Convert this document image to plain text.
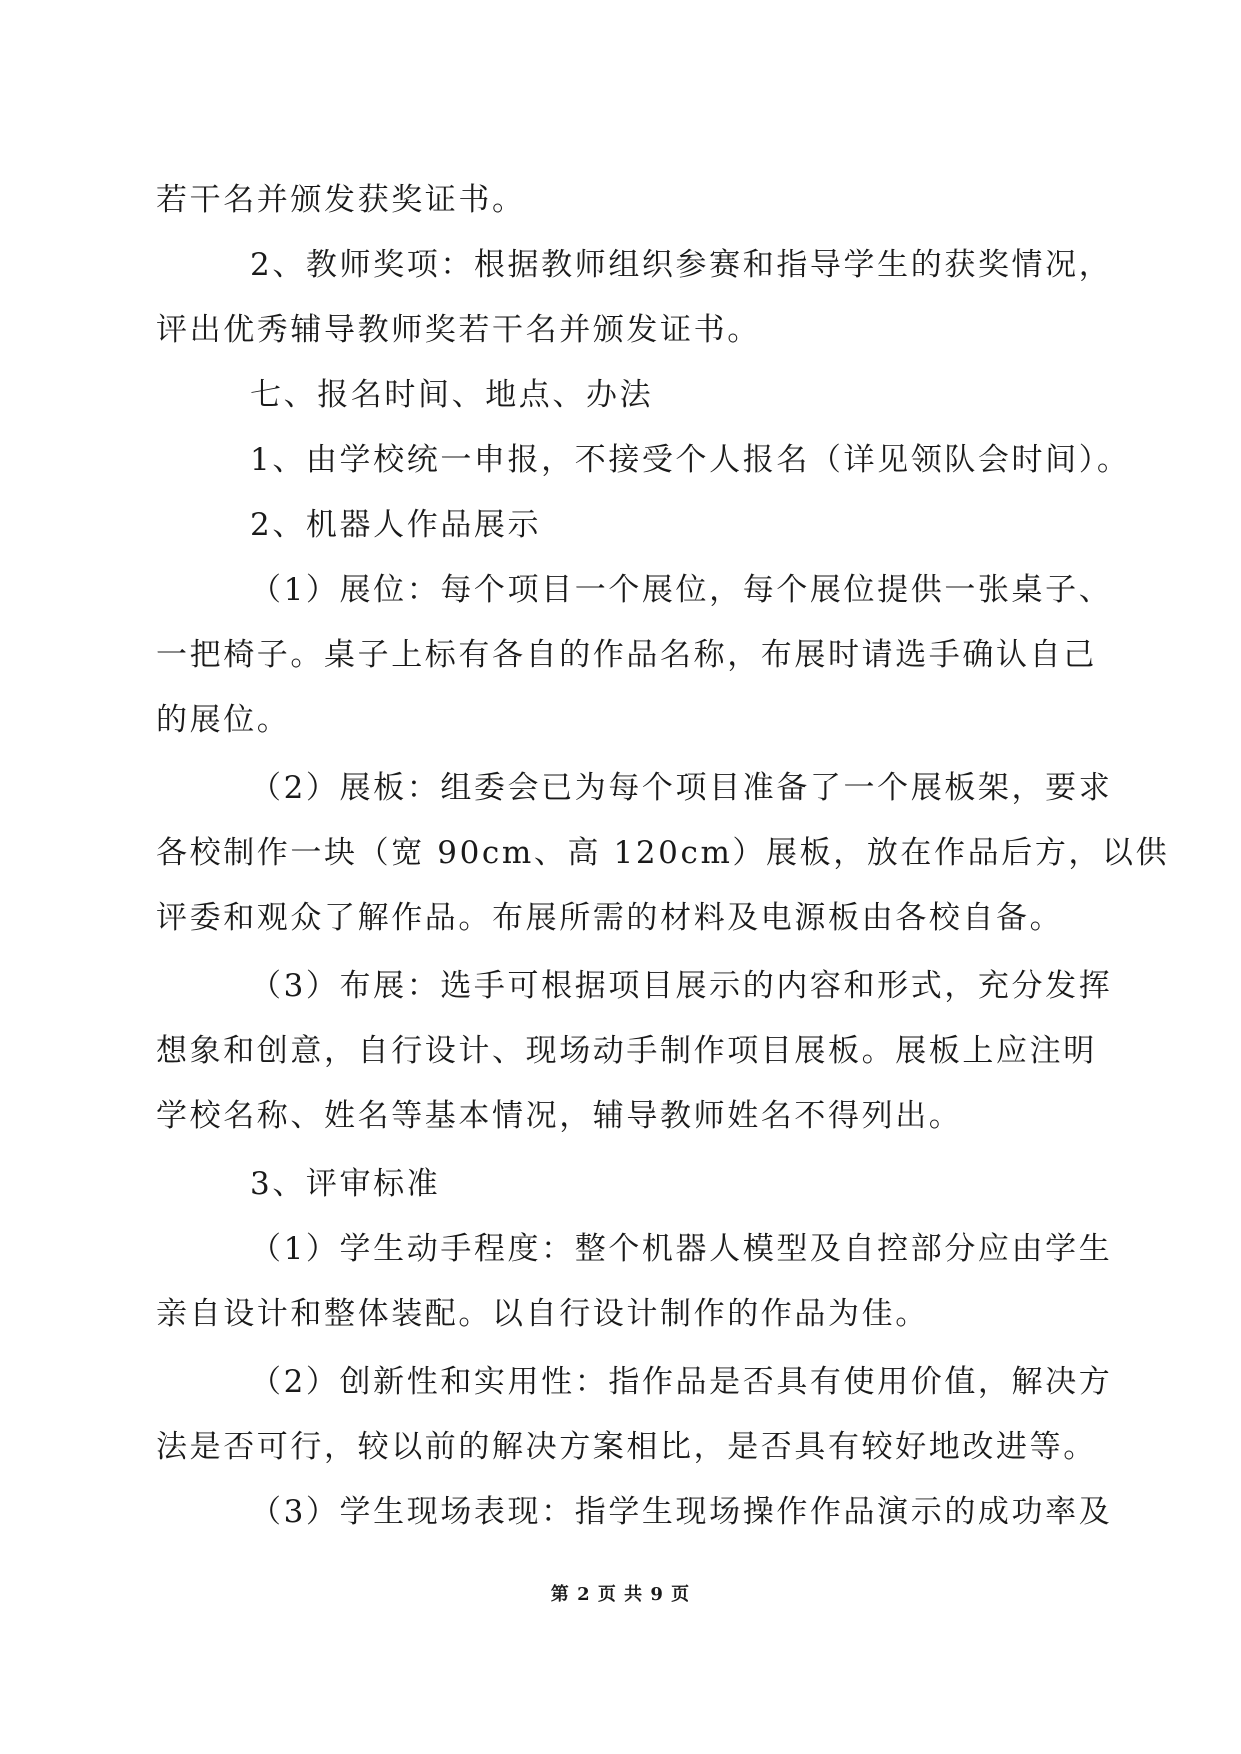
若干名并颁发获奖证书。
2、教师奖项：根据教师组织参赛和指导学生的获奖情况，
评出优秀辅导教师奖若干名并颁发证书。
七、报名时间、地点、办法
1、由学校统一申报，不接受个人报名（详见领队会时间）。
2、机器人作品展示
（1）展位：每个项目一个展位，每个展位提供一张桌子、
一把椅子。桌子上标有各自的作品名称，布展时请选手确认自己
的展位。
（2）展板：组委会已为每个项目准备了一个展板架，要求
各校制作一块（宽 90cm、高 120cm）展板，放在作品后方，以供
评委和观众了解作品。布展所需的材料及电源板由各校自备。
（3）布展：选手可根据项目展示的内容和形式，充分发挥
想象和创意，自行设计、现场动手制作项目展板。展板上应注明
学校名称、姓名等基本情况，辅导教师姓名不得列出。
3、评审标准
（1）学生动手程度：整个机器人模型及自控部分应由学生
亲自设计和整体装配。以自行设计制作的作品为佳。
（2）创新性和实用性：指作品是否具有使用价值，解决方
法是否可行，较以前的解决方案相比，是否具有较好地改进等。
（3）学生现场表现：指学生现场操作作品演示的成功率及
第 2 页 共 9 页
